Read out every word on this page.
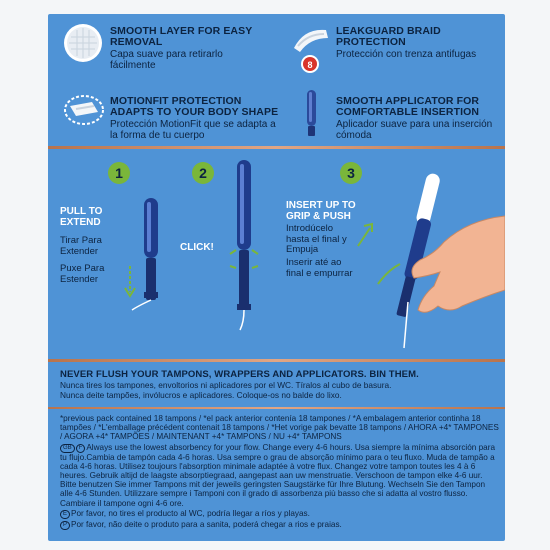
SMOOTH LAYER FOR EASY REMOVAL

Capa suave para retirarlo fácilmente	8
LEAKGUARD BRAID PROTECTION

Protección con trenza antifugas

MOTIONFIT PROTECTION ADAPTS TO YOUR BODY SHAPE

Protección MotionFit que se adapta a la forma de tu cuerpo

SMOOTH APPLICATOR FOR COMFORTABLE INSERTION

Aplicador suave para una inserción cómoda

1
PULL TO EXTEND
Tirar Para Extender
Puxe Para Estender
2
CLICK!
3
INSERT UP TO GRIP & PUSH
Introdúcelo hasta el final y Empuja
Inserir até ao final e empurrar
NEVER FLUSH YOUR TAMPONS, WRAPPERS AND APPLICATORS. BIN THEM.

Nunca tires los tampones, envoltorios ni aplicadores por el WC. Tíralos al cubo de basura.

Nunca deite tampões, invólucros e aplicadores. Coloque-os no balde do lixo.

*previous pack contained 18 tampons / *el pack anterior contenía 18 tampones / *A embalagem anterior continha 18 tampões / *L'emballage précédent contenait 18 tampons / *Het vorige pak bevatte 18 tampons / AHORA +4* TAMPONES / AGORA +4* TAMPÕES / MAINTENANT +4* TAMPONS / NU +4* TAMPONS

GB F Always use the lowest absorbency for your flow. Change every 4-6 hours. Usa siempre la mínima absorción para tu flujo.Cambia de tampón cada 4-6 horas. Usa sempre o grau de absorção mínimo para o teu fluxo. Muda de tampão a cada 4-6 horas. Utilisez toujours l'absorption minimale adaptée à votre flux. Changez votre tampon toutes les 4 à 6 heures. Gebruik altijd de laagste absorptiegraad, aangepast aan uw menstruatie. Verschoon de tampon elke 4-6 uur. Bitte benutzen Sie immer Tampons mit der jeweils geringsten Saugstärke für Ihre Blutung. Wechseln Sie den Tampon alle 4-6 Stunden. Utilizzare sempre i Tamponi con il grado di assorbenza più basso che si adatta al vostro flusso. Cambiare il tampone ogni 4-6 ore.

E Por favor, no tires el producto al WC, podría llegar a ríos y playas.

P Por favor, não deite o produto para a sanita, poderá chegar a rios e praias.
